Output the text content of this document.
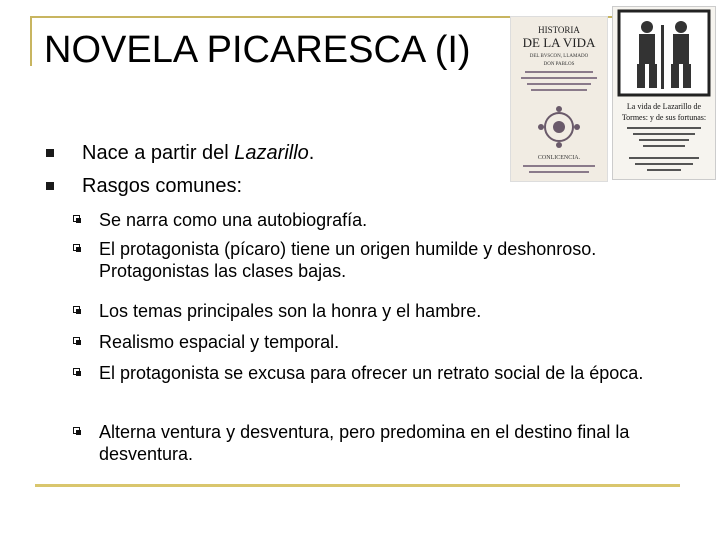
NOVELA PICARESCA (I)	HISTORIA
DE LA VIDA
DEL BVSCON, LLAMADO
DON PABLOS
CONLICENCIA.
La vida de Lazarillo de
Tormes: y de sus fortunas:
Nace a partir del Lazarillo.
Rasgos comunes:
Se narra como una autobiografía.
El protagonista (pícaro) tiene un origen humilde y deshonroso. Protagonistas las clases bajas.
Los temas principales son la honra y el hambre.
Realismo espacial y temporal.
El protagonista se excusa para ofrecer un retrato social de la época.
Alterna ventura y desventura, pero predomina en el destino final la desventura.
